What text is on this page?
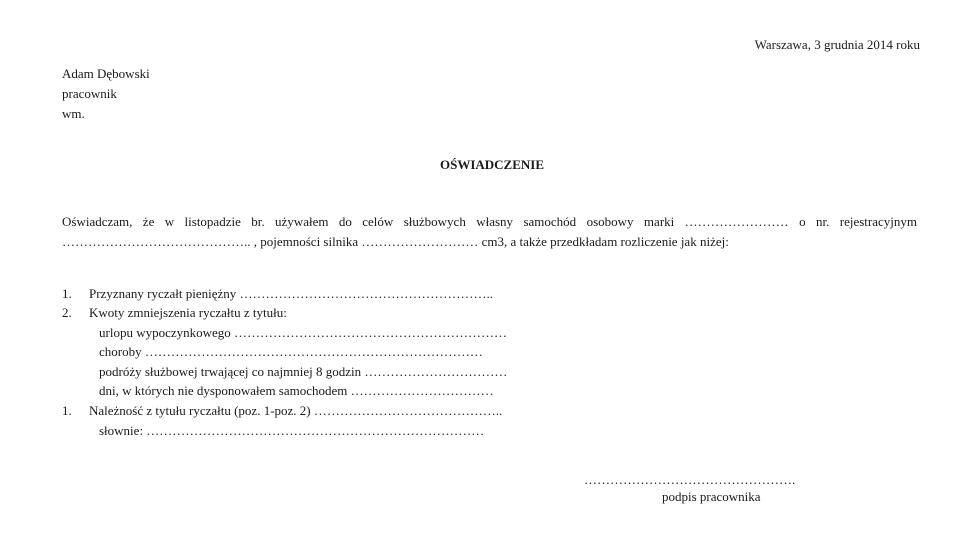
Warszawa, 3 grudnia 2014 roku
Adam Dębowski
pracownik
wm.
OŚWIADCZENIE
Oświadczam, że w listopadzie br. używałem do celów służbowych własny samochód osobowy marki …………………… o nr. rejestracyjnym …………………………………….. , pojemności silnika ……………………… cm3, a także przedkładam rozliczenie jak niżej:
1. Przyznany ryczałt pieniężny …………………………………………………..
2. Kwoty zmniejszenia ryczałtu z tytułu:
urlopu wypoczynkowego ………………………………………………………
choroby ……………………………………………………………………
podróży służbowej trwającej co najmniej 8 godzin ……………………………
dni, w których nie dysponowałem samochodem ……………………………
1. Należność z tytułu ryczałtu (poz. 1-poz. 2) ……………………………………..
słownie: ……………………………………………………………………
………………………………………….
podpis pracownika
